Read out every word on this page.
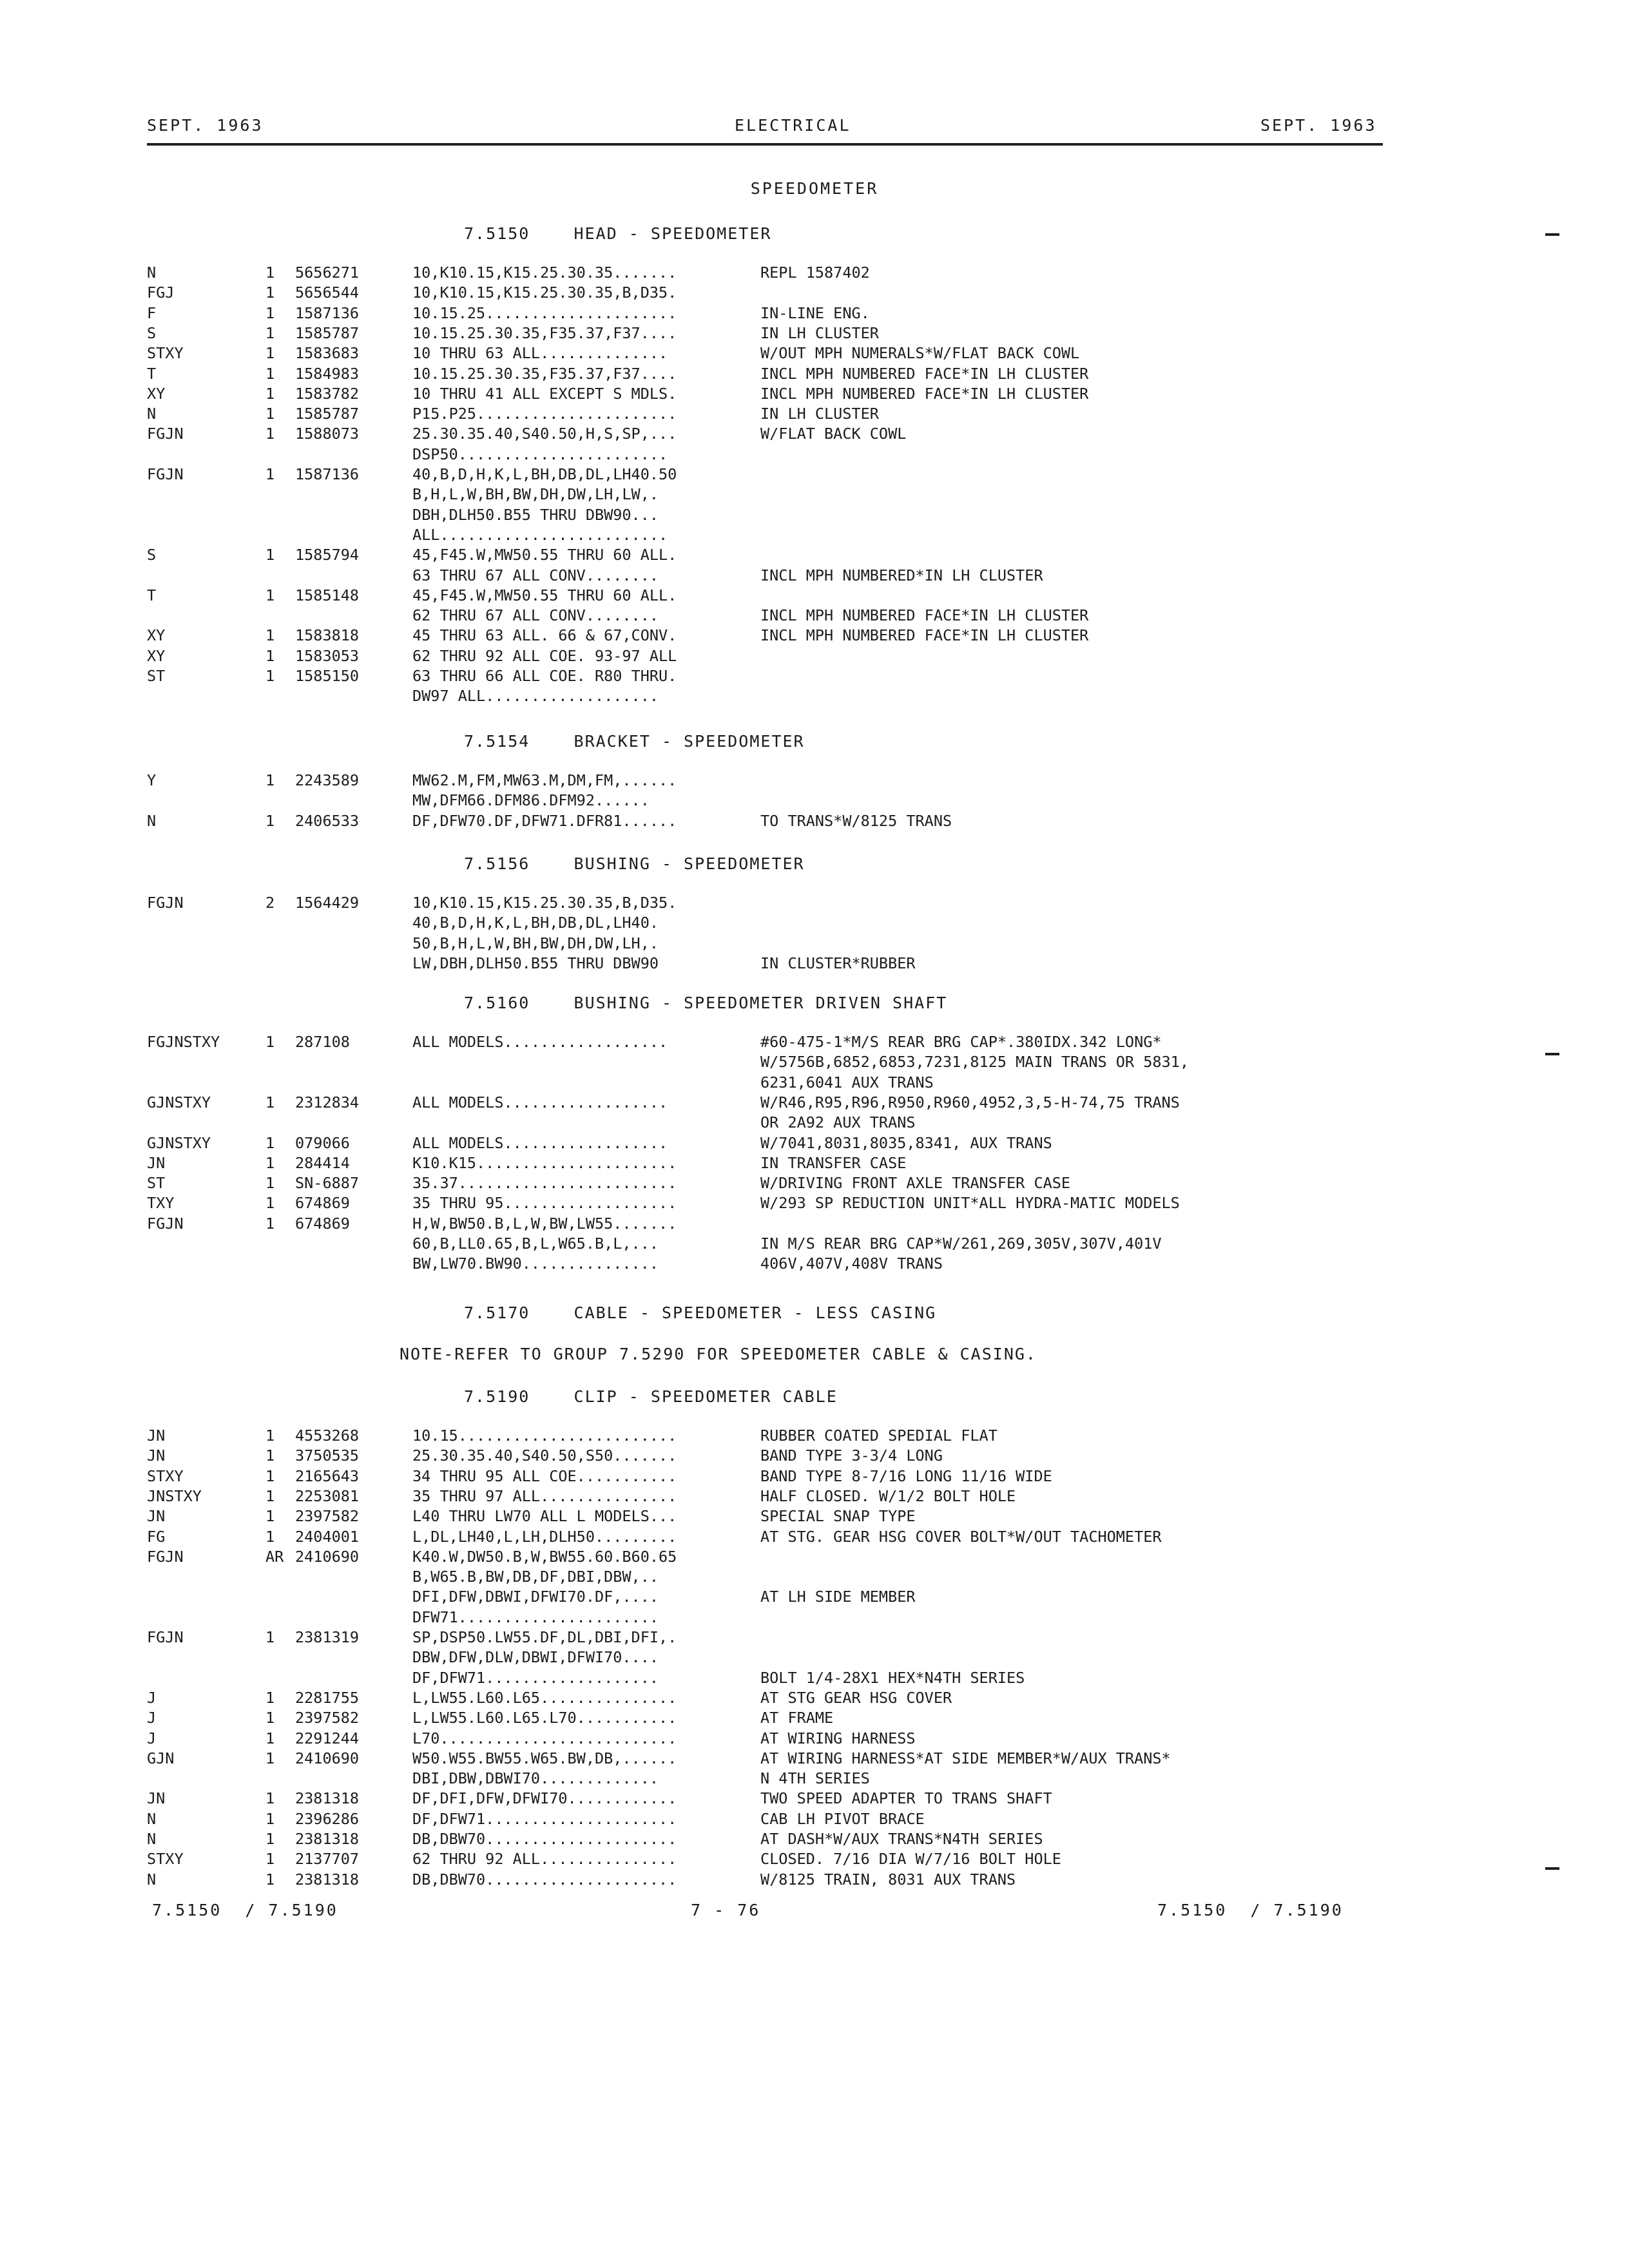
SEPT. 1963	ELECTRICAL	SEPT. 1963
SPEEDOMETER
7.5150	HEAD - SPEEDOMETER
N	1 5656271	10,K10.15,K15.25.30.35.......	REPL 1587402
FGJ	1 5656544	10,K10.15,K15.25.30.35,B,D35.
F	1 1587136	10.15.25.....................	IN-LINE ENG.
S	1 1585787	10.15.25.30.35,F35.37,F37....	IN LH CLUSTER
STXY	1 1583683	10 THRU 63 ALL..............	W/OUT MPH NUMERALS*W/FLAT BACK COWL
T	1 1584983	10.15.25.30.35,F35.37,F37....	INCL MPH NUMBERED FACE*IN LH CLUSTER
XY	1 1583782	10 THRU 41 ALL EXCEPT S MDLS.	INCL MPH NUMBERED FACE*IN LH CLUSTER
N	1 1585787	P15.P25......................	IN LH CLUSTER
FGJN	1 1588073	25.30.35.40,S40.50,H,S,SP,...	W/FLAT BACK COWL
DSP50.......................
FGJN	1 1587136	40,B,D,H,K,L,BH,DB,DL,LH40.50
B,H,L,W,BH,BW,DH,DW,LH,LW,.
DBH,DLH50.B55 THRU DBW90...
ALL.........................
S	1 1585794	45,F45.W,MW50.55 THRU 60 ALL.
63 THRU 67 ALL CONV........	INCL MPH NUMBERED*IN LH CLUSTER
T	1 1585148	45,F45.W,MW50.55 THRU 60 ALL.
62 THRU 67 ALL CONV........	INCL MPH NUMBERED FACE*IN LH CLUSTER
XY	1 1583818	45 THRU 63 ALL. 66 & 67,CONV.	INCL MPH NUMBERED FACE*IN LH CLUSTER
XY	1 1583053	62 THRU 92 ALL COE. 93-97 ALL
ST	1 1585150	63 THRU 66 ALL COE. R80 THRU.
DW97 ALL...................
7.5154	BRACKET - SPEEDOMETER
Y	1 2243589	MW62.M,FM,MW63.M,DM,FM,......
MW,DFM66.DFM86.DFM92......
N	1 2406533	DF,DFW70.DF,DFW71.DFR81......	TO TRANS*W/8125 TRANS
7.5156	BUSHING - SPEEDOMETER
FGJN	2 1564429	10,K10.15,K15.25.30.35,B,D35.
40,B,D,H,K,L,BH,DB,DL,LH40.
50,B,H,L,W,BH,BW,DH,DW,LH,.
LW,DBH,DLH50.B55 THRU DBW90	IN CLUSTER*RUBBER
7.5160	BUSHING - SPEEDOMETER DRIVEN SHAFT
FGJNSTXY	1 287108	ALL MODELS..................	#60-475-1*M/S REAR BRG CAP*.380IDX.342 LONG*
W/5756B,6852,6853,7231,8125 MAIN TRANS OR 5831,
6231,6041 AUX TRANS
GJNSTXY	1 2312834	ALL MODELS..................	W/R46,R95,R96,R950,R960,4952,3,5-H-74,75 TRANS
OR 2A92 AUX TRANS
GJNSTXY	1 079066	ALL MODELS..................	W/7041,8031,8035,8341, AUX TRANS
JN	1 284414	K10.K15......................	IN TRANSFER CASE
ST	1 SN-6887	35.37........................	W/DRIVING FRONT AXLE TRANSFER CASE
TXY	1 674869	35 THRU 95...................	W/293 SP REDUCTION UNIT*ALL HYDRA-MATIC MODELS
FGJN	1 674869	H,W,BW50.B,L,W,BW,LW55.......
60,B,LL0.65,B,L,W65.B,L,...	IN M/S REAR BRG CAP*W/261,269,305V,307V,401V
BW,LW70.BW90...............	406V,407V,408V TRANS
7.5170	CABLE - SPEEDOMETER - LESS CASING
NOTE-REFER TO GROUP 7.5290 FOR SPEEDOMETER CABLE & CASING.
7.5190	CLIP - SPEEDOMETER CABLE
JN	1 4553268	10.15........................	RUBBER COATED SPEDIAL FLAT
JN	1 3750535	25.30.35.40,S40.50,S50.......	BAND TYPE 3-3/4 LONG
STXY	1 2165643	34 THRU 95 ALL COE...........	BAND TYPE 8-7/16 LONG 11/16 WIDE
JNSTXY	1 2253081	35 THRU 97 ALL...............	HALF CLOSED. W/1/2 BOLT HOLE
JN	1 2397582	L40 THRU LW70 ALL L MODELS...	SPECIAL SNAP TYPE
FG	1 2404001	L,DL,LH40,L,LH,DLH50.........	AT STG. GEAR HSG COVER BOLT*W/OUT TACHOMETER
FGJN	AR 2410690	K40.W,DW50.B,W,BW55.60.B60.65
B,W65.B,BW,DB,DF,DBI,DBW,..
DFI,DFW,DBWI,DFWI70.DF,....	AT LH SIDE MEMBER
DFW71......................
FGJN	1 2381319	SP,DSP50.LW55.DF,DL,DBI,DFI,.
DBW,DFW,DLW,DBWI,DFWI70....
DF,DFW71...................	BOLT 1/4-28X1 HEX*N4TH SERIES
J	1 2281755	L,LW55.L60.L65...............	AT STG GEAR HSG COVER
J	1 2397582	L,LW55.L60.L65.L70...........	AT FRAME
J	1 2291244	L70..........................	AT WIRING HARNESS
GJN	1 2410690	W50.W55.BW55.W65.BW,DB,......	AT WIRING HARNESS*AT SIDE MEMBER*W/AUX TRANS*
DBI,DBW,DBWI70.............	N 4TH SERIES
JN	1 2381318	DF,DFI,DFW,DFWI70............	TWO SPEED ADAPTER TO TRANS SHAFT
N	1 2396286	DF,DFW71.....................	CAB LH PIVOT BRACE
N	1 2381318	DB,DBW70.....................	AT DASH*W/AUX TRANS*N4TH SERIES
STXY	1 2137707	62 THRU 92 ALL...............	CLOSED. 7/16 DIA W/7/16 BOLT HOLE
N	1 2381318	DB,DBW70.....................	W/8125 TRAIN, 8031 AUX TRANS
7.5150  / 7.5190	7 - 76	7.5150  / 7.5190
